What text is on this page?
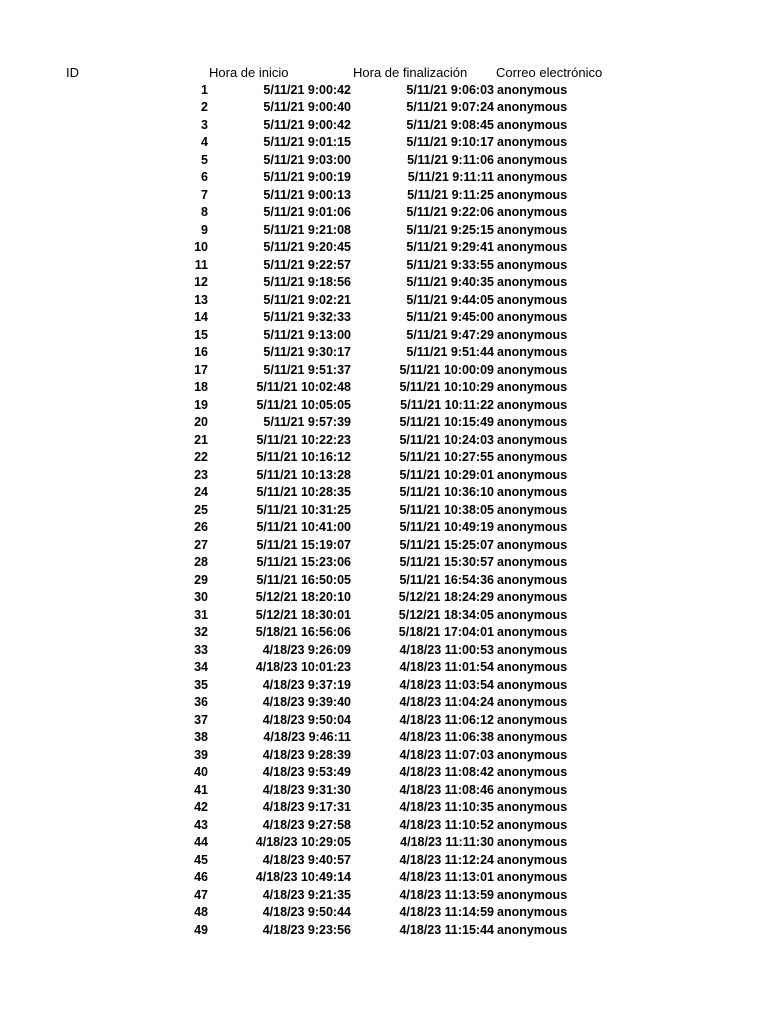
ID	Hora de inicio	Hora de finalización Correo electrónico
1	5/11/21 9:00:42	5/11/21 9:06:03 anonymous
2	5/11/21 9:00:40	5/11/21 9:07:24 anonymous
3	5/11/21 9:00:42	5/11/21 9:08:45 anonymous
4	5/11/21 9:01:15	5/11/21 9:10:17 anonymous
5	5/11/21 9:03:00	5/11/21 9:11:06 anonymous
6	5/11/21 9:00:19	5/11/21 9:11:11 anonymous
7	5/11/21 9:00:13	5/11/21 9:11:25 anonymous
8	5/11/21 9:01:06	5/11/21 9:22:06 anonymous
9	5/11/21 9:21:08	5/11/21 9:25:15 anonymous
10	5/11/21 9:20:45	5/11/21 9:29:41 anonymous
11	5/11/21 9:22:57	5/11/21 9:33:55 anonymous
12	5/11/21 9:18:56	5/11/21 9:40:35 anonymous
13	5/11/21 9:02:21	5/11/21 9:44:05 anonymous
14	5/11/21 9:32:33	5/11/21 9:45:00 anonymous
15	5/11/21 9:13:00	5/11/21 9:47:29 anonymous
16	5/11/21 9:30:17	5/11/21 9:51:44 anonymous
17	5/11/21 9:51:37	5/11/21 10:00:09 anonymous
18	5/11/21 10:02:48	5/11/21 10:10:29 anonymous
19	5/11/21 10:05:05	5/11/21 10:11:22 anonymous
20	5/11/21 9:57:39	5/11/21 10:15:49 anonymous
21	5/11/21 10:22:23	5/11/21 10:24:03 anonymous
22	5/11/21 10:16:12	5/11/21 10:27:55 anonymous
23	5/11/21 10:13:28	5/11/21 10:29:01 anonymous
24	5/11/21 10:28:35	5/11/21 10:36:10 anonymous
25	5/11/21 10:31:25	5/11/21 10:38:05 anonymous
26	5/11/21 10:41:00	5/11/21 10:49:19 anonymous
27	5/11/21 15:19:07	5/11/21 15:25:07 anonymous
28	5/11/21 15:23:06	5/11/21 15:30:57 anonymous
29	5/11/21 16:50:05	5/11/21 16:54:36 anonymous
30	5/12/21 18:20:10	5/12/21 18:24:29 anonymous
31	5/12/21 18:30:01	5/12/21 18:34:05 anonymous
32	5/18/21 16:56:06	5/18/21 17:04:01 anonymous
33	4/18/23 9:26:09	4/18/23 11:00:53 anonymous
34	4/18/23 10:01:23	4/18/23 11:01:54 anonymous
35	4/18/23 9:37:19	4/18/23 11:03:54 anonymous
36	4/18/23 9:39:40	4/18/23 11:04:24 anonymous
37	4/18/23 9:50:04	4/18/23 11:06:12 anonymous
38	4/18/23 9:46:11	4/18/23 11:06:38 anonymous
39	4/18/23 9:28:39	4/18/23 11:07:03 anonymous
40	4/18/23 9:53:49	4/18/23 11:08:42 anonymous
41	4/18/23 9:31:30	4/18/23 11:08:46 anonymous
42	4/18/23 9:17:31	4/18/23 11:10:35 anonymous
43	4/18/23 9:27:58	4/18/23 11:10:52 anonymous
44	4/18/23 10:29:05	4/18/23 11:11:30 anonymous
45	4/18/23 9:40:57	4/18/23 11:12:24 anonymous
46	4/18/23 10:49:14	4/18/23 11:13:01 anonymous
47	4/18/23 9:21:35	4/18/23 11:13:59 anonymous
48	4/18/23 9:50:44	4/18/23 11:14:59 anonymous
49	4/18/23 9:23:56	4/18/23 11:15:44 anonymous
